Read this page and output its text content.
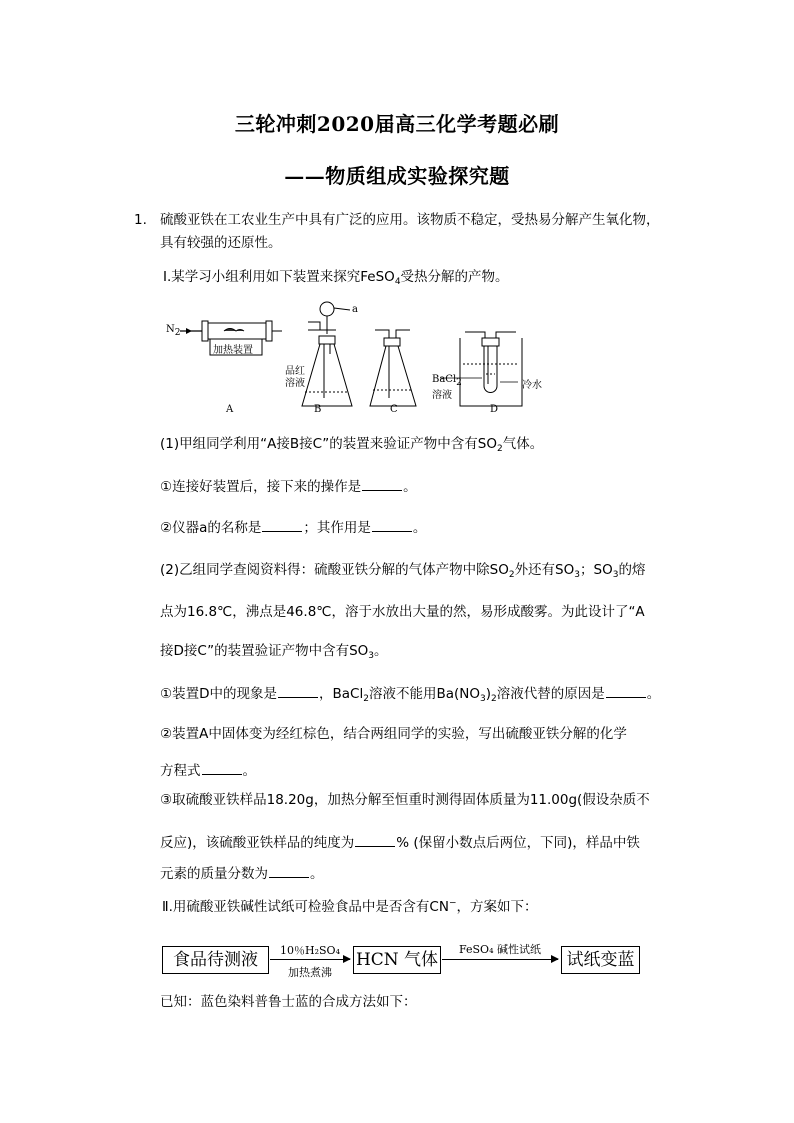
三轮冲刺2020届高三化学考题必刷
——物质组成实验探究题
1. 硫酸亚铁在工农业生产中具有广泛的应用。该物质不稳定，受热易分解产生氧化物，
具有较强的还原性。
Ⅰ.某学习小组利用如下装置来探究FeSO$_4$受热分解的产物。
$N_2$
加热装置
a
品红
溶液	BaCl$_2$
溶液
冷水
A	B	C	D
(1)甲组同学利用“A接B接C”的装置来验证产物中含有$SO_2$气体。
①连接好装置后，接下来的操作是	。
②仪器a的名称是	；其作用是	。
(2)乙组同学查阅资料得：硫酸亚铁分解的气体产物中除$SO_2$外还有$SO_3$；$SO_3$的熔
点为16.8℃，沸点是46.8℃，溶于水放出大量的然，易形成酸雾。为此设计了“A
接D接C”的装置验证产物中含有$SO_3$。
①装置D中的现象是	，BaCl$_2$溶液不能用$Ba(NO_3)_2$溶液代替的原因是	。
②装置A中固体变为经红棕色，结合两组同学的实验，写出硫酸亚铁分解的化学
方程式	。
③取硫酸亚铁样品18.20g，加热分解至恒重时测得固体质量为11.00g(假设杂质不
反应)，该硫酸亚铁样品的纯度为	% (保留小数点后两位，下同)，样品中铁
元素的质量分数为	。
Ⅱ.用硫酸亚铁碱性试纸可检验食品中是否含有CN−，方案如下：
食品待测液	10％H₂SO₄
加热煮沸
HCN 气体
FeSO₄ 碱性试纸
试纸变蓝
已知：蓝色染料普鲁士蓝的合成方法如下：
